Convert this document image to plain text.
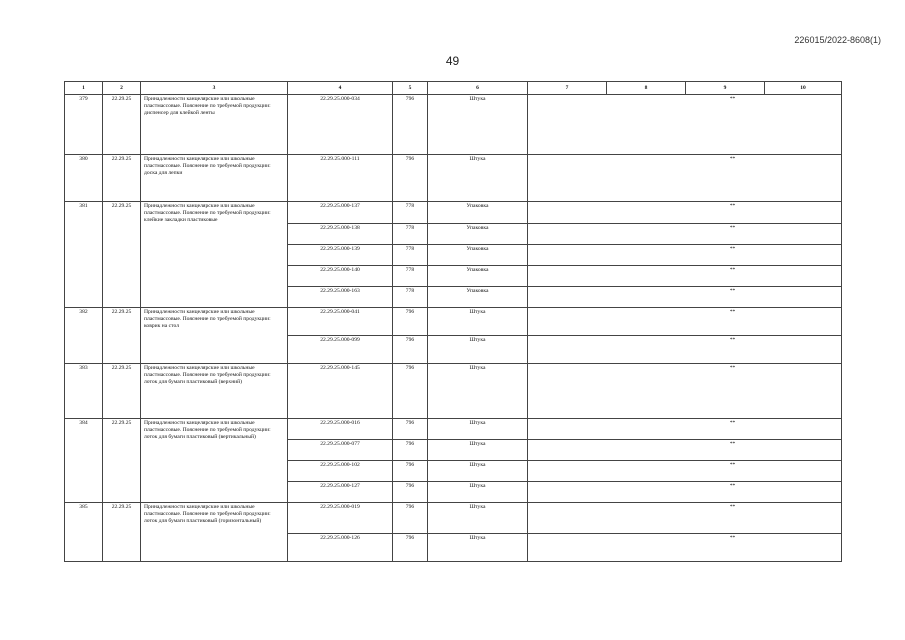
226015/2022-8608(1)
49
1	2	3	4	5	6	7	8	9	10
379	22.29.25	Принадлежности канцелярские или школьные пластмассовые. Пояснение по требуемой продукции: диспенсер для клейкой ленты	22.29.25.000-034	796	Штука	**			
380	22.29.25	Принадлежности канцелярские или школьные пластмассовые. Пояснение по требуемой продукции: доска для лепки	22.29.25.000-111	796	Штука	**			
381	22.29.25	Принадлежности канцелярские или школьные пластмассовые. Пояснение по требуемой продукции: клейкие закладки пластиковые	22.29.25.000-137	778	Упаковка	**			
			22.29.25.000-138	778	Упаковка	**			
			22.29.25.000-139	778	Упаковка	**			
			22.29.25.000-140	778	Упаковка	**			
			22.29.25.000-163	778	Упаковка	**			
382	22.29.25	Принадлежности канцелярские или школьные пластмассовые. Пояснение по требуемой продукции: коврик на стол	22.29.25.000-041	796	Штука	**			
			22.29.25.000-099	796	Штука	**			
383	22.29.25	Принадлежности канцелярские или школьные пластмассовые. Пояснение по требуемой продукции: лоток для бумаги пластиковый (верхний)	22.29.25.000-145	796	Штука	**			
384	22.29.25	Принадлежности канцелярские или школьные пластмассовые. Пояснение по требуемой продукции: лоток для бумаги пластиковый (вертикальный)	22.29.25.000-016	796	Штука	**			
			22.29.25.000-077	796	Штука	**			
			22.29.25.000-102	796	Штука	**			
			22.29.25.000-127	796	Штука	**			
385	22.29.25	Принадлежности канцелярские или школьные пластмассовые. Пояснение по требуемой продукции: лоток для бумаги пластиковый (горизонтальный)	22.29.25.000-019	796	Штука	**			
			22.29.25.000-126	796	Штука	**			
